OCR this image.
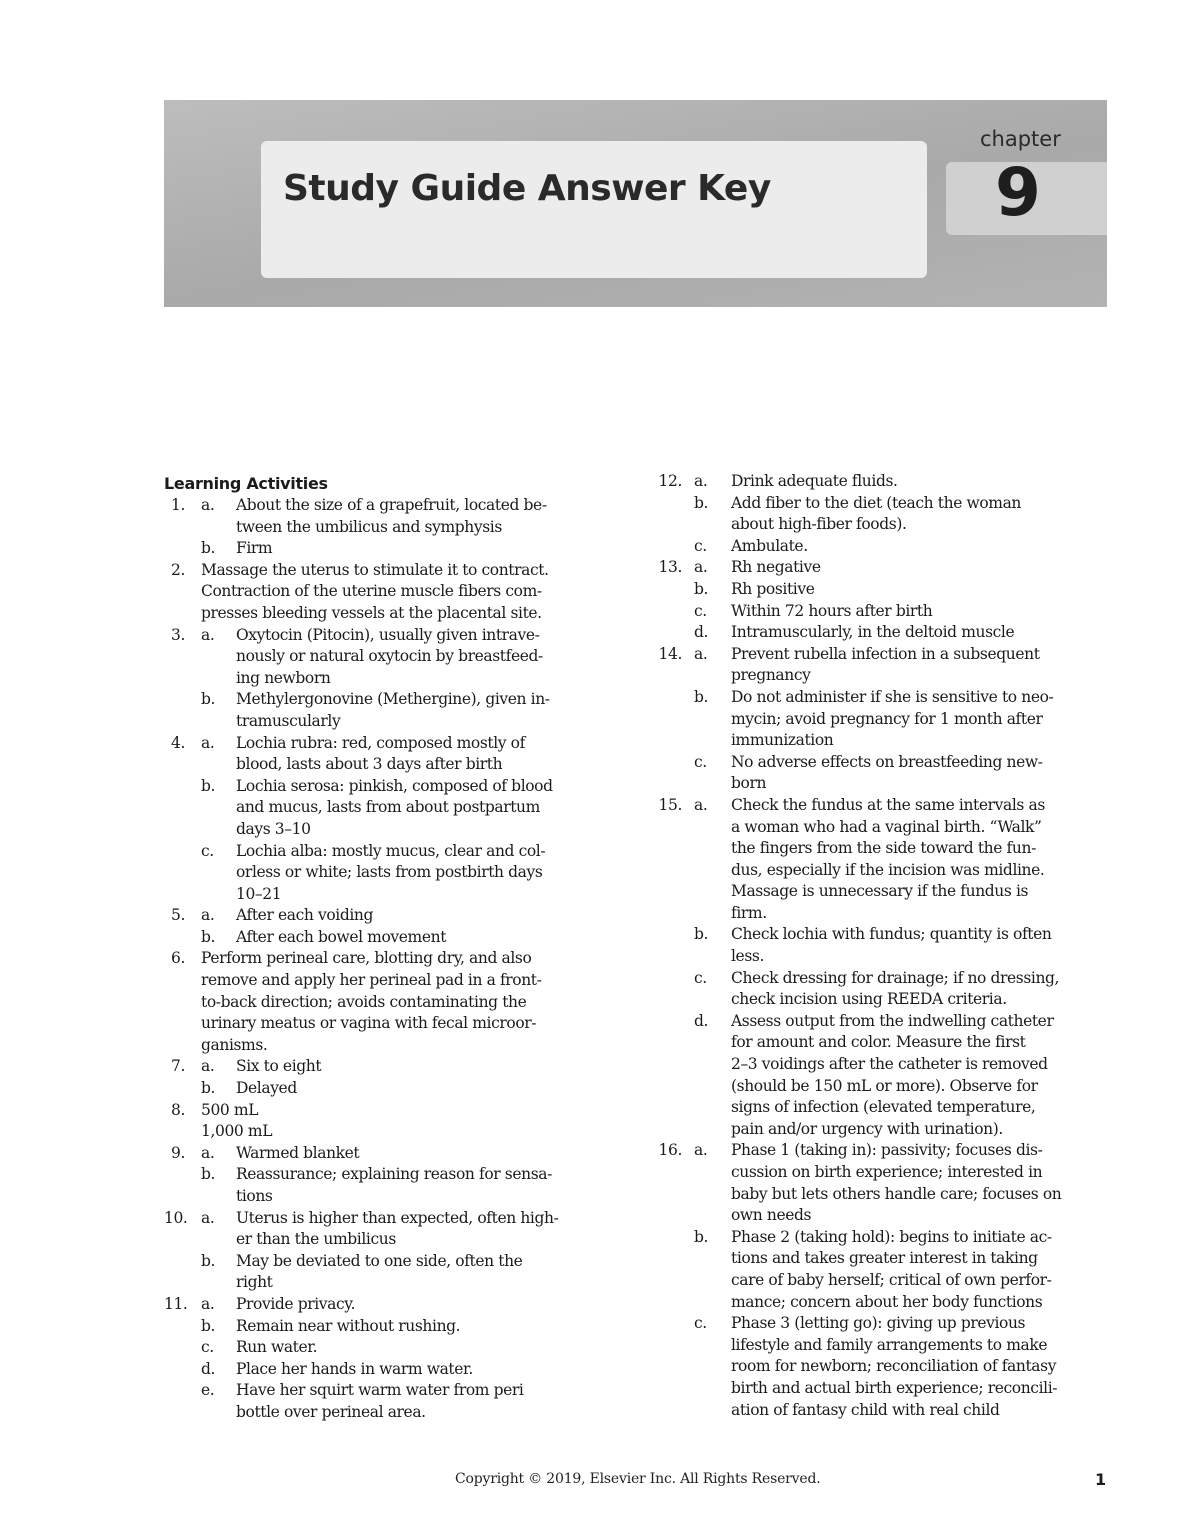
Study Guide Answer Key
chapter
9
Learning Activities
1. a. About the size of a grapefruit, located be-
tween the umbilicus and symphysis
b. Firm
2. Massage the uterus to stimulate it to contract.
Contraction of the uterine muscle fibers com-
presses bleeding vessels at the placental site.
3. a. Oxytocin (Pitocin), usually given intrave-
nously or natural oxytocin by breastfeed-
ing newborn
b. Methylergonovine (Methergine), given in-
tramuscularly
4. a. Lochia rubra: red, composed mostly of
blood, lasts about 3 days after birth
b. Lochia serosa: pinkish, composed of blood
and mucus, lasts from about postpartum
days 3–10
c. Lochia alba: mostly mucus, clear and col-
orless or white; lasts from postbirth days
10–21
5. a. After each voiding
b. After each bowel movement
6. Perform perineal care, blotting dry, and also
remove and apply her perineal pad in a front-
to-back direction; avoids contaminating the
urinary meatus or vagina with fecal microor-
ganisms.
7. a. Six to eight
b. Delayed
8. 500 mL
1,000 mL
9. a. Warmed blanket
b. Reassurance; explaining reason for sensa-
tions
10. a. Uterus is higher than expected, often high-
er than the umbilicus
b. May be deviated to one side, often the
right
11. a. Provide privacy.
b. Remain near without rushing.
c. Run water.
d. Place her hands in warm water.
e. Have her squirt warm water from peri
bottle over perineal area.
12. a. Drink adequate fluids.
b. Add fiber to the diet (teach the woman
about high-fiber foods).
c. Ambulate.
13. a. Rh negative
b. Rh positive
c. Within 72 hours after birth
d. Intramuscularly, in the deltoid muscle
14. a. Prevent rubella infection in a subsequent
pregnancy
b. Do not administer if she is sensitive to neo-
mycin; avoid pregnancy for 1 month after
immunization
c. No adverse effects on breastfeeding new-
born
15. a. Check the fundus at the same intervals as
a woman who had a vaginal birth. “Walk”
the fingers from the side toward the fun-
dus, especially if the incision was midline.
Massage is unnecessary if the fundus is
firm.
b. Check lochia with fundus; quantity is often
less.
c. Check dressing for drainage; if no dressing,
check incision using REEDA criteria.
d. Assess output from the indwelling catheter
for amount and color. Measure the first
2–3 voidings after the catheter is removed
(should be 150 mL or more). Observe for
signs of infection (elevated temperature,
pain and/or urgency with urination).
16. a. Phase 1 (taking in): passivity; focuses dis-
cussion on birth experience; interested in
baby but lets others handle care; focuses on
own needs
b. Phase 2 (taking hold): begins to initiate ac-
tions and takes greater interest in taking
care of baby herself; critical of own perfor-
mance; concern about her body functions
c. Phase 3 (letting go): giving up previous
lifestyle and family arrangements to make
room for newborn; reconciliation of fantasy
birth and actual birth experience; reconcili-
ation of fantasy child with real child
Copyright © 2019, Elsevier Inc. All Rights Reserved.	1
